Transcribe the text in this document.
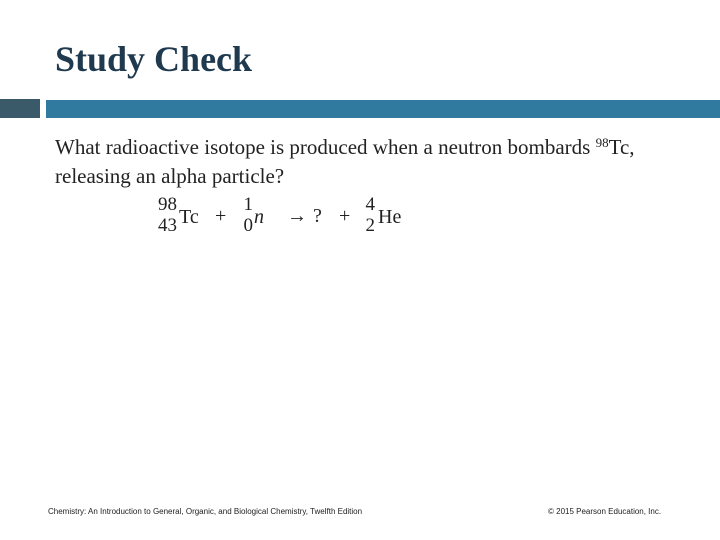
Study Check
What radioactive isotope is produced when a neutron bombards $^{98}$Tc, releasing an alpha particle?
98
43 Tc +
1
0 n → ? +
4
2 He
Chemistry: An Introduction to General, Organic, and Biological Chemistry, Twelfth Edition	© 2015 Pearson Education, Inc.
